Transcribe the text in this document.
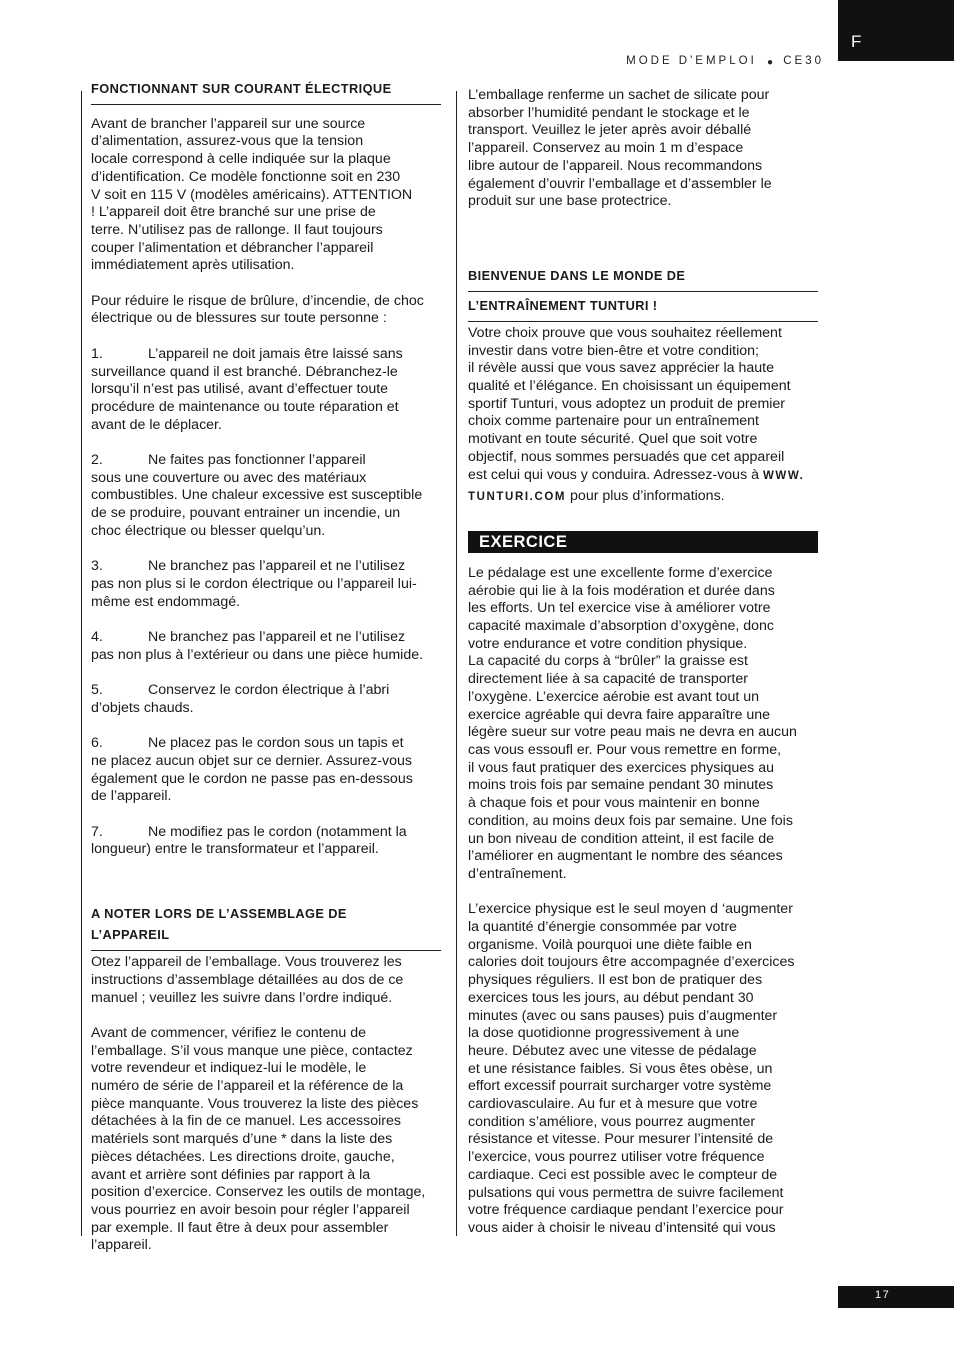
F
MODE D'EMPLOI ● CE30
FONCTIONNANT SUR COURANT ÉLECTRIQUE
Avant de brancher l’appareil sur une source
d’alimentation, assurez-vous que la tension
locale correspond à celle indiquée sur la plaque
d’identification. Ce modèle fonctionne soit en 230
V soit en 115 V (modèles américains). ATTENTION
! L’appareil doit être branché sur une prise de
terre. N’utilisez pas de rallonge. Il faut toujours
couper l’alimentation et débrancher l’appareil
immédiatement après utilisation.
Pour réduire le risque de brûlure, d’incendie, de choc
électrique ou de blessures sur toute personne :
1.	L’appareil ne doit jamais être laissé sans
surveillance quand il est branché. Débranchez-le
lorsqu’il n’est pas utilisé, avant d’effectuer toute
procédure de maintenance ou toute réparation et
avant de le déplacer.
2.	Ne faites pas fonctionner l’appareil
sous une couverture ou avec des matériaux
combustibles. Une chaleur excessive est susceptible
de se produire, pouvant entrainer un incendie, un
choc électrique ou blesser quelqu’un.
3.	Ne branchez pas l’appareil et ne l’utilisez
pas non plus si le cordon électrique ou l’appareil lui-
même est endommagé.
4.	Ne branchez pas l’appareil et ne l’utilisez
pas non plus à l’extérieur ou dans une pièce humide.
5.	Conservez le cordon électrique à l’abri
d’objets chauds.
6.	Ne placez pas le cordon sous un tapis et
ne placez aucun objet sur ce dernier. Assurez-vous
également que le cordon ne passe pas en-dessous
de l’appareil.
7.	Ne modifiez pas le cordon (notamment la
longueur) entre le transformateur et l’appareil.
A NOTER LORS DE L’ASSEMBLAGE DE
L’APPAREIL
Otez l’appareil de l’emballage. Vous trouverez les
instructions d’assemblage détaillées au dos de ce
manuel ; veuillez les suivre dans l’ordre indiqué.
Avant de commencer, vérifiez le contenu de
l’emballage. S’il vous manque une pièce, contactez
votre revendeur et indiquez-lui le modèle, le
numéro de série de l’appareil et la référence de la
pièce manquante. Vous trouverez la liste des pièces
détachées à la fin de ce manuel. Les accessoires
matériels sont marqués d’une * dans la liste des
pièces détachées. Les directions droite, gauche,
avant et arrière sont définies par rapport à la
position d’exercice. Conservez les outils de montage,
vous pourriez en avoir besoin pour régler l’appareil
par exemple. Il faut être à deux pour assembler
l’appareil.
L’emballage renferme un sachet de silicate pour
absorber l’humidité pendant le stockage et le
transport. Veuillez le jeter après avoir déballé
l’appareil. Conservez au moin 1 m d’espace
libre autour de l’appareil. Nous recommandons
également d’ouvrir l’emballage et d’assembler le
produit sur une base protectrice.
BIENVENUE DANS LE MONDE DE
L’ENTRAÎNEMENT TUNTURI !
Votre choix prouve que vous souhaitez réellement
investir dans votre bien-être et votre condition;
il révèle aussi que vous savez apprécier la haute
qualité et l’élégance. En choisissant un équipement
sportif Tunturi, vous adoptez un produit de premier
choix comme partenaire pour un entraînement
motivant en toute sécurité. Quel que soit votre
objectif, nous sommes persuadés que cet appareil

est celui qui vous y conduira. Adressez-vous à WWW.

TUNTURI.COM pour plus d’informations.

EXERCICE
Le pédalage est une excellente forme d’exercice
aérobie qui lie à la fois modération et durée dans
les efforts. Un tel exercice vise à améliorer votre
capacité maximale d’absorption d’oxygène, donc
votre endurance et votre condition physique.
La capacité du corps à “brûler” la graisse est
directement liée à sa capacité de transporter
l’oxygène. L’exercice aérobie est avant tout un
exercice agréable qui devra faire apparaître une
légère sueur sur votre peau mais ne devra en aucun
cas vous essoufl er. Pour vous remettre en forme,
il vous faut pratiquer des exercices physiques au
moins trois fois par semaine pendant 30 minutes
à chaque fois et pour vous maintenir en bonne
condition, au moins deux fois par semaine. Une fois
un bon niveau de condition atteint, il est facile de
l’améliorer en augmentant le nombre des séances
d’entraînement.
L’exercice physique est le seul moyen d ‘augmenter
la quantité d’énergie consommée par votre
organisme. Voilà pourquoi une diète faible en
calories doit toujours être accompagnée d’exercices
physiques réguliers. Il est bon de pratiquer des
exercices tous les jours, au début pendant 30
minutes (avec ou sans pauses) puis d’augmenter
la dose quotidionne progressivement à une
heure. Débutez avec une vitesse de pédalage
et une résistance faibles. Si vous êtes obèse, un
effort excessif pourrait surcharger votre système
cardiovasculaire. Au fur et à mesure que votre
condition s’améliore, vous pourrez augmenter
résistance et vitesse. Pour mesurer l’intensité de
l’exercice, vous pourrez utiliser votre fréquence
cardiaque. Ceci est possible avec le compteur de
pulsations qui vous permettra de suivre facilement
votre fréquence cardiaque pendant l’exercice pour
vous aider à choisir le niveau d’intensité qui vous
17
